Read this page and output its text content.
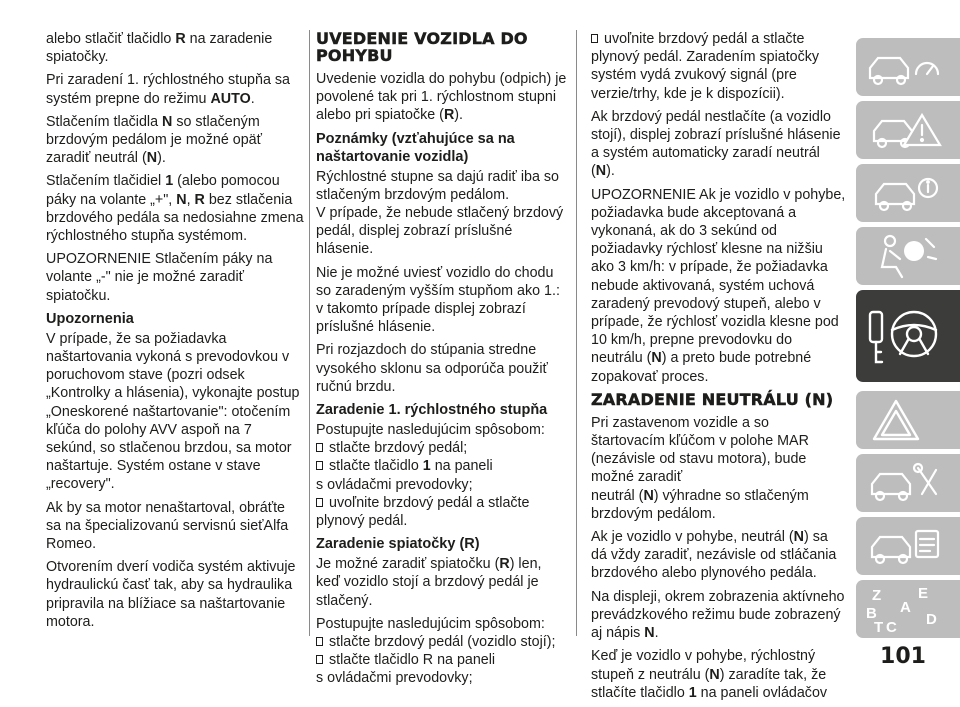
alebo stlačiť tlačidlo R na zaradenie spiatočky.

Pri zaradení 1. rýchlostného stupňa sa systém prepne do režimu AUTO.

Stlačením tlačidla N so stlačeným brzdovým pedálom je možné opäť zaradiť neutrál (N).

Stlačením tlačidiel 1 (alebo pomocou páky na volante „+", N, R bez stlačenia brzdového pedála sa nedosiahne zmena rýchlostného stupňa systémom.

UPOZORNENIE Stlačením páky na volante „-" nie je možné zaradiť spiatočku.

Upozornenia

V prípade, že sa požiadavka naštartovania vykoná s prevodovkou v poruchovom stave (pozri odsek „Kontrolky a hlásenia), vykonajte postup „Oneskorené naštartovanie": otočením kľúča do polohy AVV aspoň na 7 sekúnd, so stlačenou brzdou, sa motor naštartuje. Systém ostane v stave „recovery".

Ak by sa motor nenaštartoval, obráťte sa na špecializovanú servisnú sieťAlfa Romeo.

Otvorením dverí vodiča systém aktivuje hydraulickú časť tak, aby sa hydraulika pripravila na blížiace sa naštartovanie motora.

UVEDENIE VOZIDLA DO POHYBU

Uvedenie vozidla do pohybu (odpich) je povolené tak pri 1. rýchlostnom stupni alebo pri spiatočke (R).

Poznámky (vzťahujúce sa na naštartovanie vozidla)

Rýchlostné stupne sa dajú radiť iba so stlačeným brzdovým pedálom.

V prípade, že nebude stlačený brzdový pedál, displej zobrazí príslušné hlásenie.

Nie je možné uviesť vozidlo do chodu so zaradeným vyšším stupňom ako 1.: v takomto prípade displej zobrazí príslušné hlásenie.

Pri rozjazdoch do stúpania stredne vysokého sklonu sa odporúča použiť ručnú brzdu.

Zaradenie 1. rýchlostného stupňa

Postupujte nasledujúcim spôsobom:

stlačte brzdový pedál;

stlačte tlačidlo 1 na paneli

s ovládačmi prevodovky;

uvoľnite brzdový pedál a stlačte

plynový pedál.

Zaradenie spiatočky (R)

Je možné zaradiť spiatočku (R) len, keď vozidlo stojí a brzdový pedál je stlačený.

Postupujte nasledujúcim spôsobom:

stlačte brzdový pedál (vozidlo stojí);

stlačte tlačidlo R na paneli

s ovládačmi prevodovky;

uvoľnite brzdový pedál a stlačte

plynový pedál. Zaradením spiatočky systém vydá zvukový signál (pre verzie/trhy, kde je k dispozícii).

Ak brzdový pedál nestlačíte (a vozidlo stojí), displej zobrazí príslušné hlásenie a systém automaticky zaradí neutrál (N).

UPOZORNENIE Ak je vozidlo v pohybe, požiadavka bude akceptovaná a vykonaná, ak do 3 sekúnd od požiadavky rýchlosť klesne na nižšiu ako 3 km/h: v prípade, že požiadavka nebude aktivovaná, systém uchová zaradený prevodový stupeň, alebo v prípade, že rýchlosť vozidla klesne pod 10 km/h, prepne prevodovku do neutrálu (N) a preto bude potrebné zopakovať proces.

ZARADENIE NEUTRÁLU (N)

Pri zastavenom vozidle a so štartovacím kľúčom v polohe MAR (nezávisle od stavu motora), bude možné zaradiť

neutrál (N) výhradne so stlačeným brzdovým pedálom.

Ak je vozidlo v pohybe, neutrál (N) sa dá vždy zaradiť, nezávisle od stláčania brzdového alebo plynového pedála.

Na displeji, okrem zobrazenia aktívneho prevádzkového režimu bude zobrazený aj nápis N.

Keď je vozidlo v pohybe, rýchlostný stupeň z neutrálu (N) zaradíte tak, že stlačíte tlačidlo 1 na paneli ovládačov

Z E
B
C D
A
T
101
